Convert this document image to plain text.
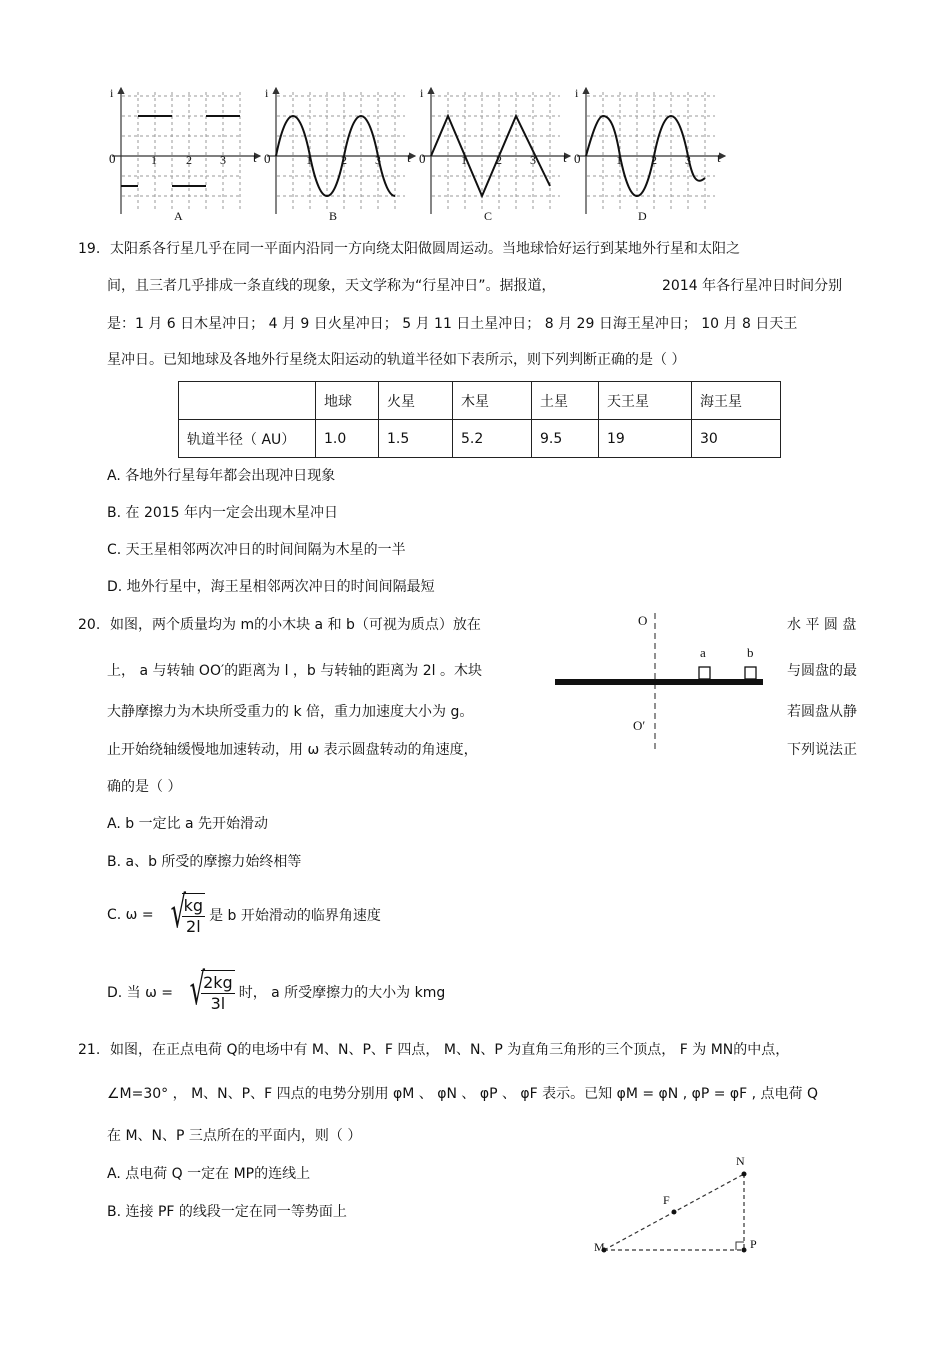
i	i	i	i
0	0	0	0
t	t	t	t
1 2 3	1 2 3	1 2 3	1 2 3
A	B	C	D
19. 太阳系各行星几乎在同一平面内沿同一方向绕太阳做圆周运动。当地球恰好运行到某地外行星和太阳之
间，且三者几乎排成一条直线的现象，天文学称为“行星冲日”。据报道，	2014 年各行星冲日时间分别
是：1 月 6 日木星冲日； 4 月 9 日火星冲日； 5 月 11 日土星冲日； 8 月 29 日海王星冲日； 10 月 8 日天王
星冲日。已知地球及各地外行星绕太阳运动的轨道半径如下表所示，则下列判断正确的是（ ）
	地球	火星	木星	土星	天王星	海王星
轨道半径（ AU）	1.0	1.5	5.2	9.5	19	30
A. 各地外行星每年都会出现冲日现象
B. 在 2015 年内一定会出现木星冲日
C. 天王星相邻两次冲日的时间间隔为木星的一半
D. 地外行星中，海王星相邻两次冲日的时间间隔最短
20. 如图，两个质量均为 m的小木块 a 和 b（可视为质点）放在	水 平 圆 盘
上， a 与转轴 OO′的距离为 l ，b 与转轴的距离为 2l 。木块	与圆盘的最
大静摩擦力为木块所受重力的 k 倍，重力加速度大小为 g。	若圆盘从静
止开始绕轴缓慢地加速转动，用 ω 表示圆盘转动的角速度，	下列说法正
确的是（ ）
O
O′
a	b
A. b 一定比 a 先开始滑动
B. a、b 所受的摩擦力始终相等
C. ω = √
$\frac{kg}{2l}$ 是 b 开始滑动的临界角速度
D. 当 ω = √
$\frac{2kg}{3l}$ 时， a 所受摩擦力的大小为 kmg
21. 如图，在正点电荷 Q的电场中有 M、N、P、F 四点， M、N、P 为直角三角形的三个顶点， F 为 MN的中点，
∠M=30° ， M、N、P、F 四点的电势分别用 φM 、 φN 、 φP 、 φF 表示。已知 φM = φN , φP = φF , 点电荷 Q
在 M、N、P 三点所在的平面内，则（ ）
A. 点电荷 Q 一定在 MP的连线上
B. 连接 PF 的线段一定在同一等势面上
M
N
P
F
